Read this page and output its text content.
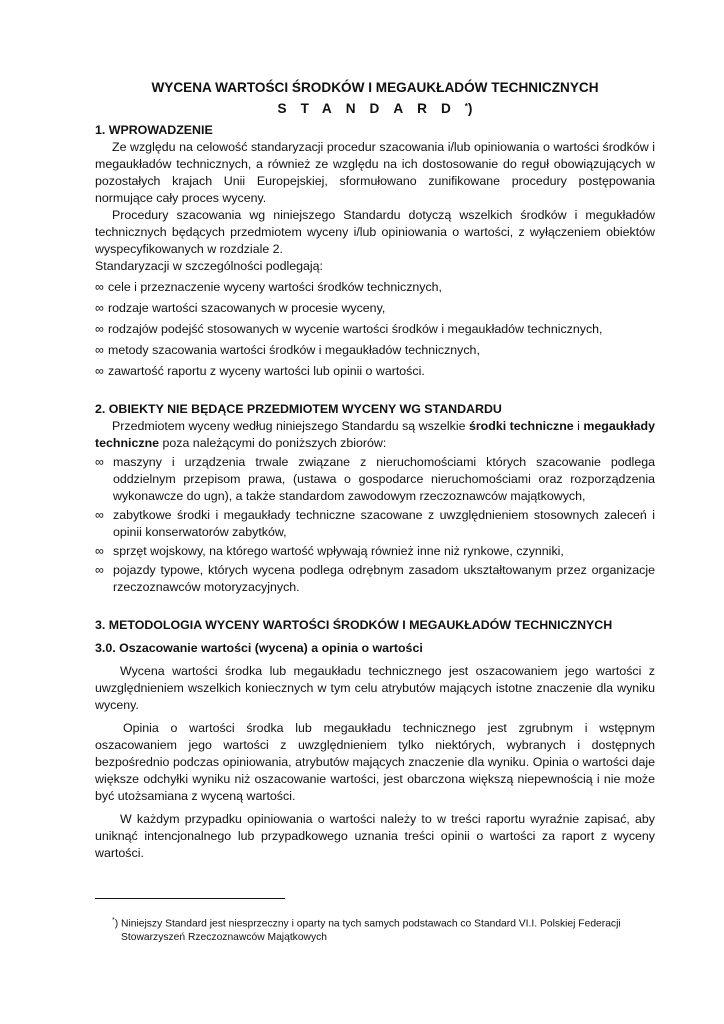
WYCENA WARTOŚCI ŚRODKÓW I MEGAUKŁADÓW TECHNICZNYCH
STANDARD*)
1. WPROWADZENIE

Ze względu na celowość standaryzacji procedur szacowania i/lub opiniowania o wartości środków i megaukładów technicznych, a również ze względu na ich dostosowanie do reguł obowiązujących w pozostałych krajach Unii Europejskiej, sformułowano zunifikowane procedury postępowania normujące cały proces wyceny.

Procedury szacowania wg niniejszego Standardu dotyczą wszelkich środków i megukładów technicznych będących przedmiotem wyceny i/lub opiniowania o wartości, z wyłączeniem obiektów wyspecyfikowanych w rozdziale 2.

Standaryzacji w szczególności podlegają:

∞ cele i przeznaczenie wyceny wartości środków technicznych,
∞ rodzaje wartości szacowanych w procesie wyceny,
∞ rodzajów podejść stosowanych w wycenie wartości środków i megaukładów technicznych,
∞ metody szacowania wartości środków i megaukładów technicznych,
∞ zawartość raportu z wyceny wartości lub opinii o wartości.
2. OBIEKTY NIE BĘDĄCE PRZEDMIOTEM WYCENY WG STANDARDU

Przedmiotem wyceny według niniejszego Standardu są wszelkie środki techniczne i megaukłady techniczne poza należącymi do poniższych zbiorów:

∞ maszyny i urządzenia trwale związane z nieruchomościami których szacowanie podlega oddzielnym przepisom prawa, (ustawa o gospodarce nieruchomościami oraz rozporządzenia wykonawcze do ugn), a także standardom zawodowym rzeczoznawców majątkowych,
∞ zabytkowe środki i megaukłady techniczne szacowane z uwzględnieniem stosownych zaleceń i opinii konserwatorów zabytków,
∞ sprzęt wojskowy, na którego wartość wpływają również inne niż rynkowe, czynniki,
∞ pojazdy typowe, których wycena podlega odrębnym zasadom ukształtowanym przez organizacje rzeczoznawców motoryzacyjnych.
3. METODOLOGIA WYCENY WARTOŚCI ŚRODKÓW I MEGAUKŁADÓW TECHNICZNYCH
3.0. Oszacowanie wartości (wycena) a opinia o wartości

Wycena wartości środka lub megaukładu technicznego jest oszacowaniem jego wartości z uwzględnieniem wszelkich koniecznych w tym celu atrybutów mających istotne znaczenie dla wyniku wyceny.

Opinia o wartości środka lub megaukładu technicznego jest zgrubnym i wstępnym oszacowaniem jego wartości z uwzględnieniem tylko niektórych, wybranych i dostępnych bezpośrednio podczas opiniowania, atrybutów mających znaczenie dla wyniku. Opinia o wartości daje większe odchyłki wyniku niż oszacowanie wartości, jest obarczona większą niepewnością i nie może być utożsamiana z wyceną wartości.

W każdym przypadku opiniowania o wartości należy to w treści raportu wyraźnie zapisać, aby uniknąć intencjonalnego lub przypadkowego uznania treści opinii o wartości za raport z wyceny wartości.

*) Niniejszy Standard jest niesprzeczny i oparty na tych samych podstawach co Standard VI.I. Polskiej Federacji
Stowarzyszeń Rzeczoznawców Majątkowych
